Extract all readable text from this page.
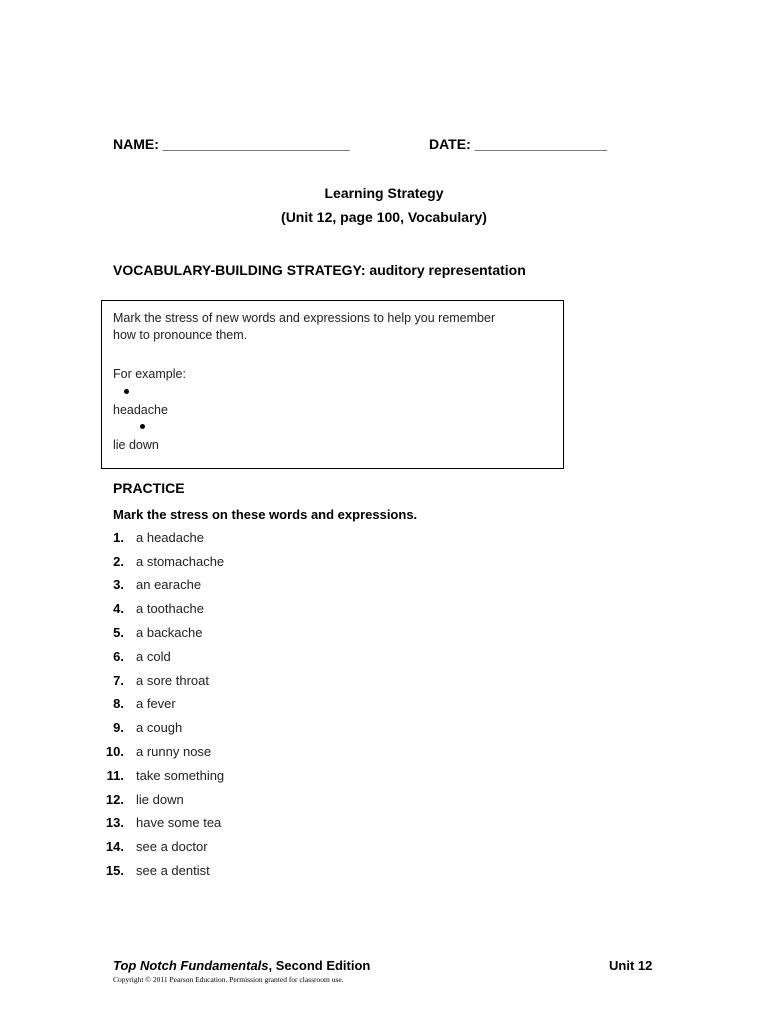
NAME: ________________________	DATE: _________________
Learning Strategy
(Unit 12, page 100, Vocabulary)
VOCABULARY-BUILDING STRATEGY: auditory representation
Mark the stress of new words and expressions to help you remember
how to pronounce them.
For example:
headache
lie down
PRACTICE
Mark the stress on these words and expressions.
1. a headache
2. a stomachache
3. an earache
4. a toothache
5. a backache
6. a cold
7. a sore throat
8. a fever
9. a cough
10. a runny nose
11. take something
12. lie down
13. have some tea
14. see a doctor
15. see a dentist
Top Notch Fundamentals, Second Edition	Unit 12
Copyright © 2011 Pearson Education. Permission granted for classroom use.
